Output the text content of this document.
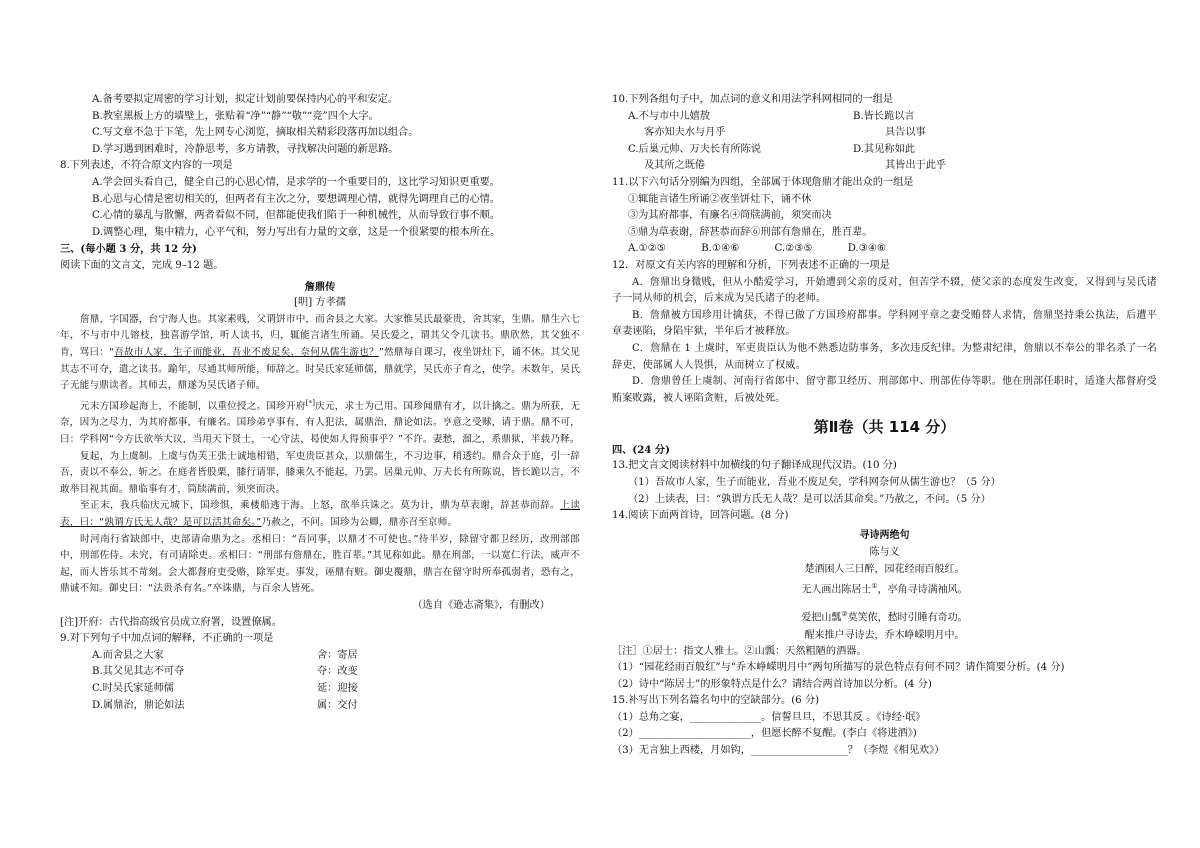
A.备考要拟定周密的学习计划，拟定计划前要保持内心的平和安定。
B.教室黑板上方的墙壁上，张贴着“净”“静”“敬”“竞”四个大字。
C.写文章不急于下笔，先上网专心浏览，摘取相关精彩段落再加以组合。
D.学习遇到困难时，冷静思考，多方请教，寻找解决问题的新思路。
8.下列表述，不符合原文内容的一项是
A.学会回头看自己，健全自己的心思心情，是求学的一个重要目的，这比学习知识更重要。
B.心思与心情是密切相关的，但两者有主次之分，要想调理心情，就得先调理自己的心情。
C.心情的暴乱与散懈，两者看似不同，但都能使我们陷于一种机械性，从而导致行事不顺。
D.调整心理，集中精力，心平气和，努力写出有力量的文章，这是一个很紧要的根本所在。
三、(每小题 3 分，共 12 分)
阅读下面的文言文，完成 9–12 题。
詹鼎传
[明] 方孝孺
詹鼎，字国器，台宁海人也。其家素贱，父谓饼市中，而舍县之大家。大家惟吴氏最豪贵，舍其家，生鼎。鼎生六七年，不与市中儿镕枝，独喜游学馆，听人读书，归，辄能言诸生所诵。吴氏爱之，谓其父令儿读书。鼎欣然，其父独不肯，骂曰：“吾故市人家，生子而能业，吾业不废足矣，奈何从儒生游也？”然鼎每自课习，夜坐饼灶下，诵不休。其父见其志不可夺，遣之读书。踰年，尽通其师所能，师辞之。时吴氏家延师儒，鼎就学，吴氏亦子育之，使学。未数年，吴氏子无能与鼎读者。其师去，鼎遂为吴氏诸子师。
元末方国珍起海上，不能制，以重位授之。国珍开府[*]庆元，求士为己用。国珍闻鼎有才，以计擒之。鼎为所获，无奈，因为之尽力，为其府都事，有廉名。国珍弟亨事有，有人犯法，属鼎治，鼎论如法。亨意之受赇，请于鼎。鼎不可，曰：学科网“今方氏欲举大议，当用天下贤士，一心守法，曷使如人得预事乎？”不许。妻愁，溜之，系鼎狱，半载乃释。
复起，为上虞制。上虞与伪芙王张士诚地相错，军吏贵臣甚众，以鼎儒生，不习边事，稍透约。鼎合众于庭，引一辞吾，责以不奉公，斩之。在庭者皆股栗，膝行请罪，膝乘久不能起，乃罢。居巢元帅、万夫长有所陈说，皆长跪以言，不敢举目视其面。鼎临事有才，筒牍满前，须突而决。
至正末，我兵临庆元城下，国珍惧，乘楼船逃于海。上怒，欲举兵诛之。莫为计，鼎为草表谢，辞甚恭而辞。上读表，曰：“孰谓方氏无人哉？是可以活其命矣。”乃赦之，不问。国珍为公卿，鼎亦召至京师。
时河南行省缺郎中，吏部请命鼎为之。丞相曰：“吾同事，以鼎才不可使也。”待半岁，除留守都卫经历，改刑部郎中，刑部佐侍。未究，有司请除吏。丞相曰：“刑部有詹鼎在，胜百辈。”其见称如此。鼎在刑部，一以宽仁行法，威声不起，而人皆乐其不苛刻。会大都督府吏受赂，除军吏。事发，诬鼎有赃。御史覆鼎，鼎言在留守时所奉孤弱者，恐有之，鼎诚不知。御史曰：“法贵杀有名。”卒诛鼎，与百余人皆死。
（选自《逊志斋集》，有删改）
[注]开府：古代指高级官员成立府署，设置僚属。
9.对下列句子中加点词的解释，不正确的一项是
A.而舍县之大家	舍：寄居
B.其父见其志不可夺	夺：改变
C.时吴氏家延师儒	延：迎接
D.属鼎治，鼎论如法	属：交付
10.下列各组句子中，加点词的意义和用法学科网相同的一组是
A.不与市中儿嬉敖	B.皆长跪以言
客亦知夫水与月乎	具告以事
C.后巢元帅、万夫长有所陈说	D.其见称如此
及其所之既倦	其皆出于此乎
11.以下六句话分别编为四组，全部属于体现詹鼎才能出众的一组是
①辄能言诸生所诵②夜坐饼灶下，诵不休
③为其府都事，有廉名④筒牍满前，须突而决
⑤鼎为草表谢，辞甚恭而辞⑥刑部有詹鼎在，胜百辈。
A.①②⑤	B.①④⑥	C.②③⑤	D.③④⑥
12．对原文有关内容的理解和分析，下列表述不正确的一项是
A．詹鼎出身微贱，但从小酷爱学习，开始遭到父亲的反对，但苦学不辍，使父亲的态度发生改变，又得到与吴氏诸子一同从师的机会，后来成为吴氏诸子的老师。
B．詹鼎被方国珍用计擒获，不得已做了方国珍府都事。学科网平章之妻受贿替人求情，詹鼎坚持秉公执法，后遭平章妻诬陷，身陷牢狱，半年后才被释放。
C．詹鼎在 1 上虞时，军吏贵臣认为他不熟悉边防事务，多次违反纪律。为整肃纪律，詹鼎以不奉公的罪名杀了一名辞吏，使部属人人畏惧，从而树立了权威。
D．詹鼎曾任上虞制、河南行省郎中、留守都卫经历、刑部郎中、刑部佐侍等职。他在刑部任职时，适逢大都督府受贿案败露，被人诬陷贪赃，后被处死。
第Ⅱ卷（共 114 分）
四、(24 分)
13.把文言文阅读材料中加横线的句子翻译成现代汉语。(10 分)
（1）吾故市人家，生子而能业，吾业不废足矣，学科网奈何从儒生游也？（5 分）
（2）上读表，曰：“孰谓方氏无人哉？是可以活其命矣。”乃赦之，不问。（5 分）
14.阅读下面两首诗，回答问题。(8 分)
寻诗两绝句
陈与义
楚酒困人三日醉，园花经雨百般红。
无人画出陈居士①，亭角寻诗满袖风。
爱把山瓢②莫笑侬，愁时引睡有奇功。
醒来推户寻诗去，乔木峥嵘明月中。
［注］①居士：指文人雅士。②山瓢：天然粗陋的酒器。
（1）“园花经雨百般红”与“乔木峥嵘明月中”两句所描写的景色特点有何不同？请作简要分析。(4 分)
（2）诗中“陈居士”的形象特点是什么？请结合两首诗加以分析。(4 分)
15.补写出下列名篇名句中的空缺部分。(6 分)
（1）总角之宴，______________。信誓旦旦，不思其反 。《诗经·氓》
（2）______________________，但愿长醉不复醒。(李白《将进酒》)
（3）无言独上西楼，月如钩，___________________？（李煜《相见欢》）
